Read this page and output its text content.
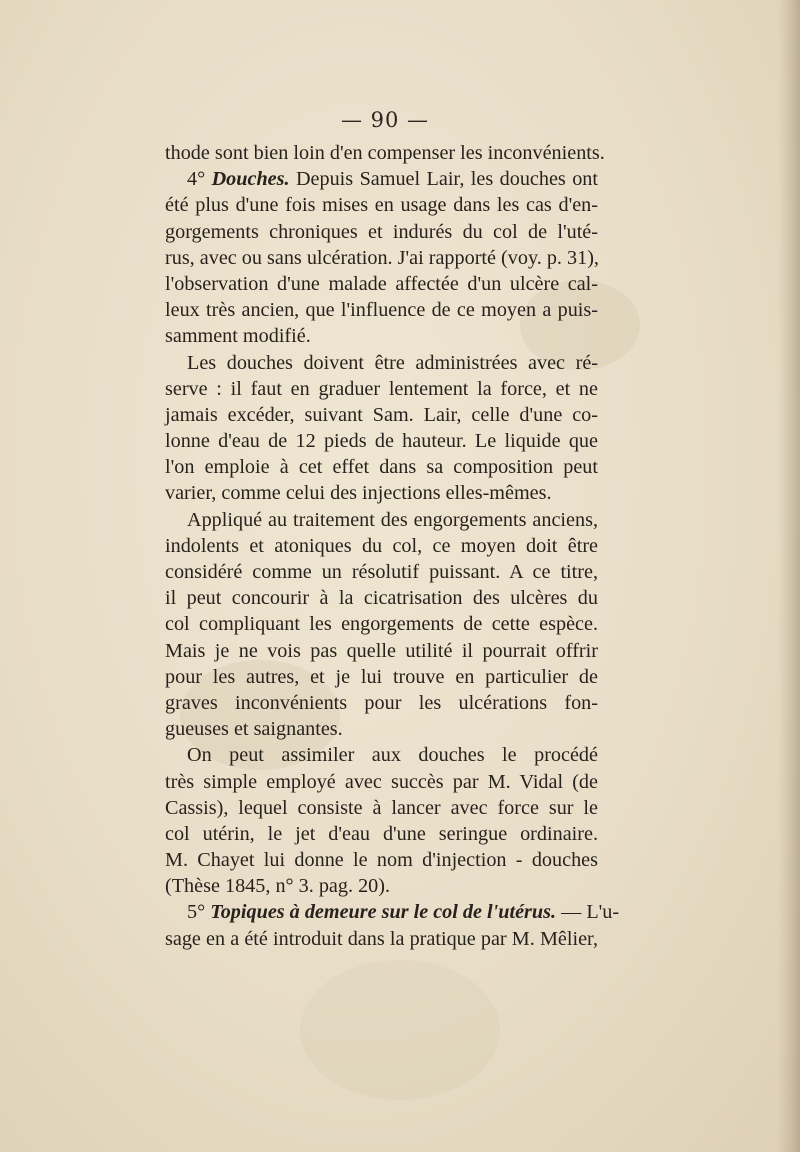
— 90 —
thode sont bien loin d'en compenser les inconvénients.
4° Douches. Depuis Samuel Lair, les douches ont
été plus d'une fois mises en usage dans les cas d'en-
gorgements chroniques et indurés du col de l'uté-
rus, avec ou sans ulcération. J'ai rapporté (voy. p. 31),
l'observation d'une malade affectée d'un ulcère cal-
leux très ancien, que l'influence de ce moyen a puis-
samment modifié.
Les douches doivent être administrées avec ré-
serve : il faut en graduer lentement la force, et ne
jamais excéder, suivant Sam. Lair, celle d'une co-
lonne d'eau de 12 pieds de hauteur. Le liquide que
l'on emploie à cet effet dans sa composition peut
varier, comme celui des injections elles-mêmes.
Appliqué au traitement des engorgements anciens,
indolents et atoniques du col, ce moyen doit être
considéré comme un résolutif puissant. A ce titre,
il peut concourir à la cicatrisation des ulcères du
col compliquant les engorgements de cette espèce.
Mais je ne vois pas quelle utilité il pourrait offrir
pour les autres, et je lui trouve en particulier de
graves inconvénients pour les ulcérations fon-
gueuses et saignantes.
On peut assimiler aux douches le procédé
très simple employé avec succès par M. Vidal (de
Cassis), lequel consiste à lancer avec force sur le
col utérin, le jet d'eau d'une seringue ordinaire.
M. Chayet lui donne le nom d'injection - douches
(Thèse 1845, n° 3. pag. 20).
5° Topiques à demeure sur le col de l'utérus. — L'u-
sage en a été introduit dans la pratique par M. Mêlier,
